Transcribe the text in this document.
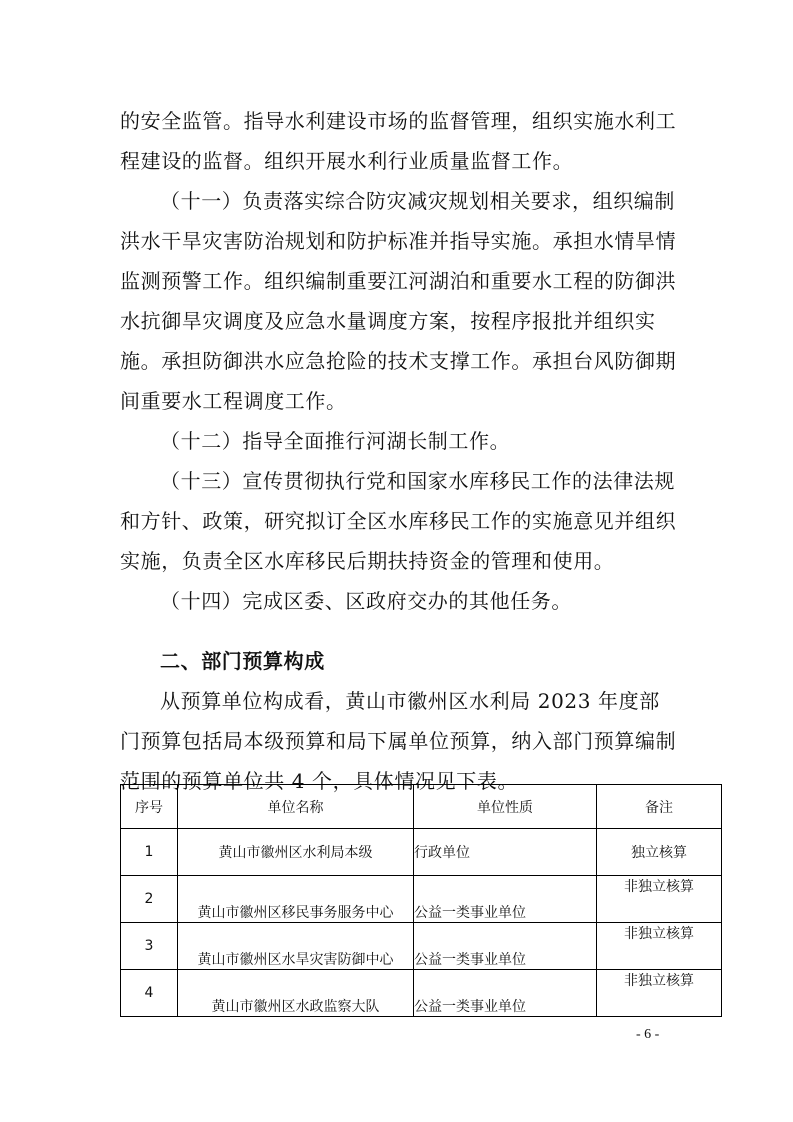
的安全监管。指导水利建设市场的监督管理，组织实施水利工程建设的监督。组织开展水利行业质量监督工作。

（十一）负责落实综合防灾减灾规划相关要求，组织编制洪水干旱灾害防治规划和防护标准并指导实施。承担水情旱情监测预警工作。组织编制重要江河湖泊和重要水工程的防御洪水抗御旱灾调度及应急水量调度方案，按程序报批并组织实施。承担防御洪水应急抢险的技术支撑工作。承担台风防御期间重要水工程调度工作。

（十二）指导全面推行河湖长制工作。

（十三）宣传贯彻执行党和国家水库移民工作的法律法规和方针、政策，研究拟订全区水库移民工作的实施意见并组织实施，负责全区水库移民后期扶持资金的管理和使用。

（十四）完成区委、区政府交办的其他任务。

二、部门预算构成

从预算单位构成看，黄山市徽州区水利局 2023 年度部门预算包括局本级预算和局下属单位预算，纳入部门预算编制范围的预算单位共 4 个，具体情况见下表。

序号	单位名称	单位性质	备注
1	黄山市徽州区水利局本级	行政单位	独立核算
2	黄山市徽州区移民事务服务中心	公益一类事业单位	非独立核算
3	黄山市徽州区水旱灾害防御中心	公益一类事业单位	非独立核算
4	黄山市徽州区水政监察大队	公益一类事业单位	非独立核算
- 6 -
